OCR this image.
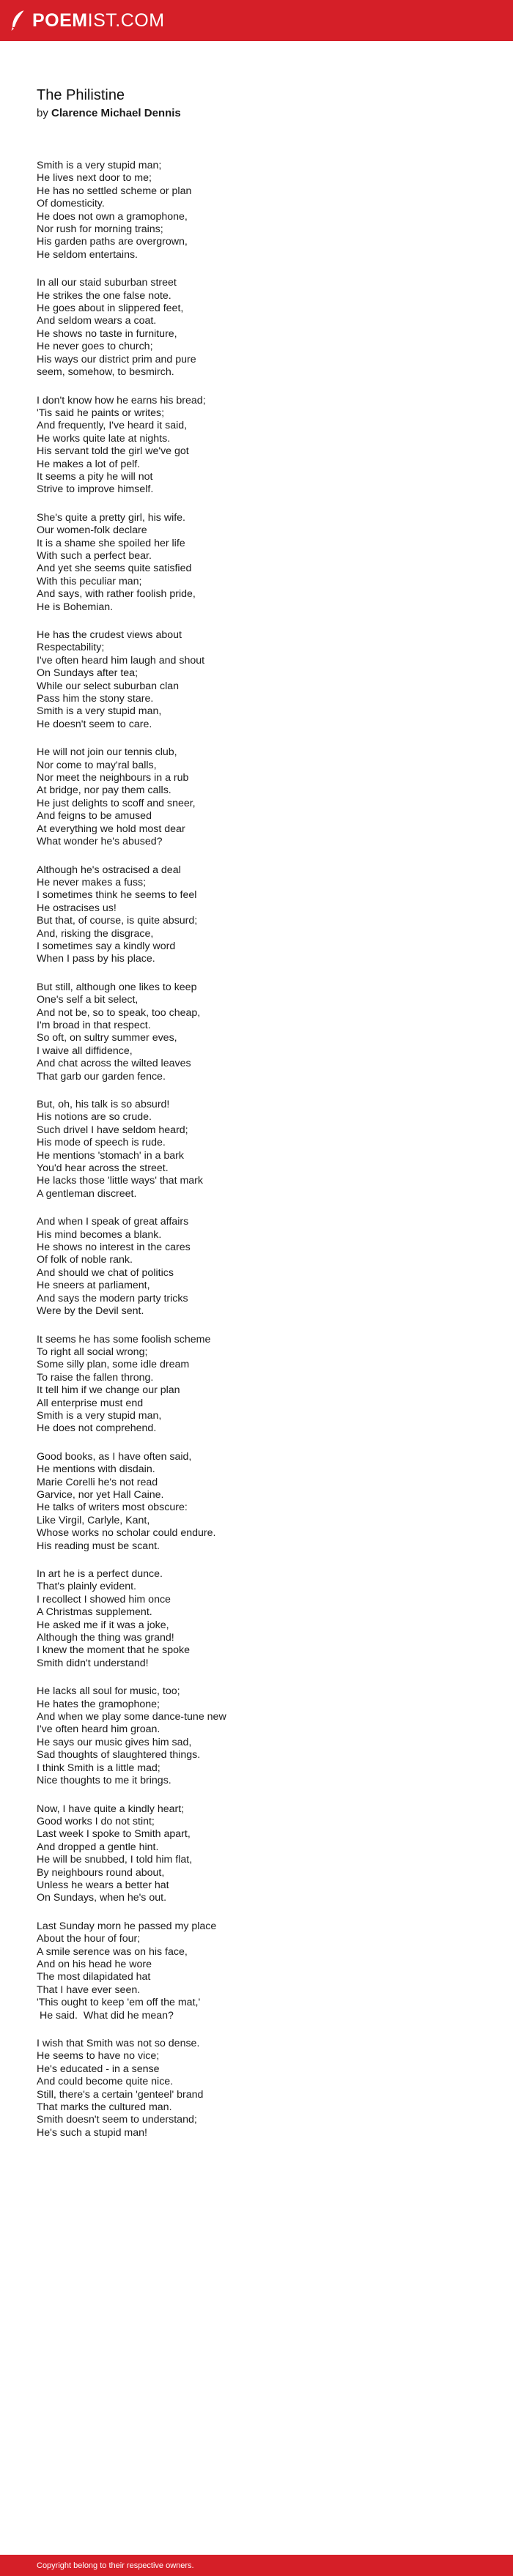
POEMIST.COM
The Philistine
by Clarence Michael Dennis
Smith is a very stupid man;
He lives next door to me;
He has no settled scheme or plan
Of domesticity.
He does not own a gramophone,
Nor rush for morning trains;
His garden paths are overgrown,
He seldom entertains.
In all our staid suburban street
He strikes the one false note.
He goes about in slippered feet,
And seldom wears a coat.
He shows no taste in furniture,
He never goes to church;
His ways our district prim and pure
seem, somehow, to besmirch.
I don't know how he earns his bread;
'Tis said he paints or writes;
And frequently, I've heard it said,
He works quite late at nights.
His servant told the girl we've got
He makes a lot of pelf.
It seems a pity he will not
Strive to improve himself.
She's quite a pretty girl, his wife.
Our women-folk declare
It is a shame she spoiled her life
With such a perfect bear.
And yet she seems quite satisfied
With this peculiar man;
And says, with rather foolish pride,
He is Bohemian.
He has the crudest views about
Respectability;
I've often heard him laugh and shout
On Sundays after tea;
While our select suburban clan
Pass him the stony stare.
Smith is a very stupid man,
He doesn't seem to care.
He will not join our tennis club,
Nor come to may'ral balls,
Nor meet the neighbours in a rub
At bridge, nor pay them calls.
He just delights to scoff and sneer,
And feigns to be amused
At everything we hold most dear
What wonder he's abused?
Although he's ostracised a deal
He never makes a fuss;
I sometimes think he seems to feel
He ostracises us!
But that, of course, is quite absurd;
And, risking the disgrace,
I sometimes say a kindly word
When I pass by his place.
But still, although one likes to keep
One's self a bit select,
And not be, so to speak, too cheap,
I'm broad in that respect.
So oft, on sultry summer eves,
I waive all diffidence,
And chat across the wilted leaves
That garb our garden fence.
But, oh, his talk is so absurd!
His notions are so crude.
Such drivel I have seldom heard;
His mode of speech is rude.
He mentions 'stomach' in a bark
You'd hear across the street.
He lacks those 'little ways' that mark
A gentleman discreet.
And when I speak of great affairs
His mind becomes a blank.
He shows no interest in the cares
Of folk of noble rank.
And should we chat of politics
He sneers at parliament,
And says the modern party tricks
Were by the Devil sent.
It seems he has some foolish scheme
To right all social wrong;
Some silly plan, some idle dream
To raise the fallen throng.
It tell him if we change our plan
All enterprise must end
Smith is a very stupid man,
He does not comprehend.
Good books, as I have often said,
He mentions with disdain.
Marie Corelli he's not read
Garvice, nor yet Hall Caine.
He talks of writers most obscure:
Like Virgil, Carlyle, Kant,
Whose works no scholar could endure.
His reading must be scant.
In art he is a perfect dunce.
That's plainly evident.
I recollect I showed him once
A Christmas supplement.
He asked me if it was a joke,
Although the thing was grand!
I knew the moment that he spoke
Smith didn't understand!
He lacks all soul for music, too;
He hates the gramophone;
And when we play some dance-tune new
I've often heard him groan.
He says our music gives him sad,
Sad thoughts of slaughtered things.
I think Smith is a little mad;
Nice thoughts to me it brings.
Now, I have quite a kindly heart;
Good works I do not stint;
Last week I spoke to Smith apart,
And dropped a gentle hint.
He will be snubbed, I told him flat,
By neighbours round about,
Unless he wears a better hat
On Sundays, when he's out.
Last Sunday morn he passed my place
About the hour of four;
A smile serence was on his face,
And on his head he wore
The most dilapidated hat
That I have ever seen.
'This ought to keep 'em off the mat,'
He said.  What did he mean?
I wish that Smith was not so dense.
He seems to have no vice;
He's educated - in a sense
And could become quite nice.
Still, there's a certain 'genteel' brand
That marks the cultured man.
Smith doesn't seem to understand;
He's such a stupid man!
Copyright belong to their respective owners.
